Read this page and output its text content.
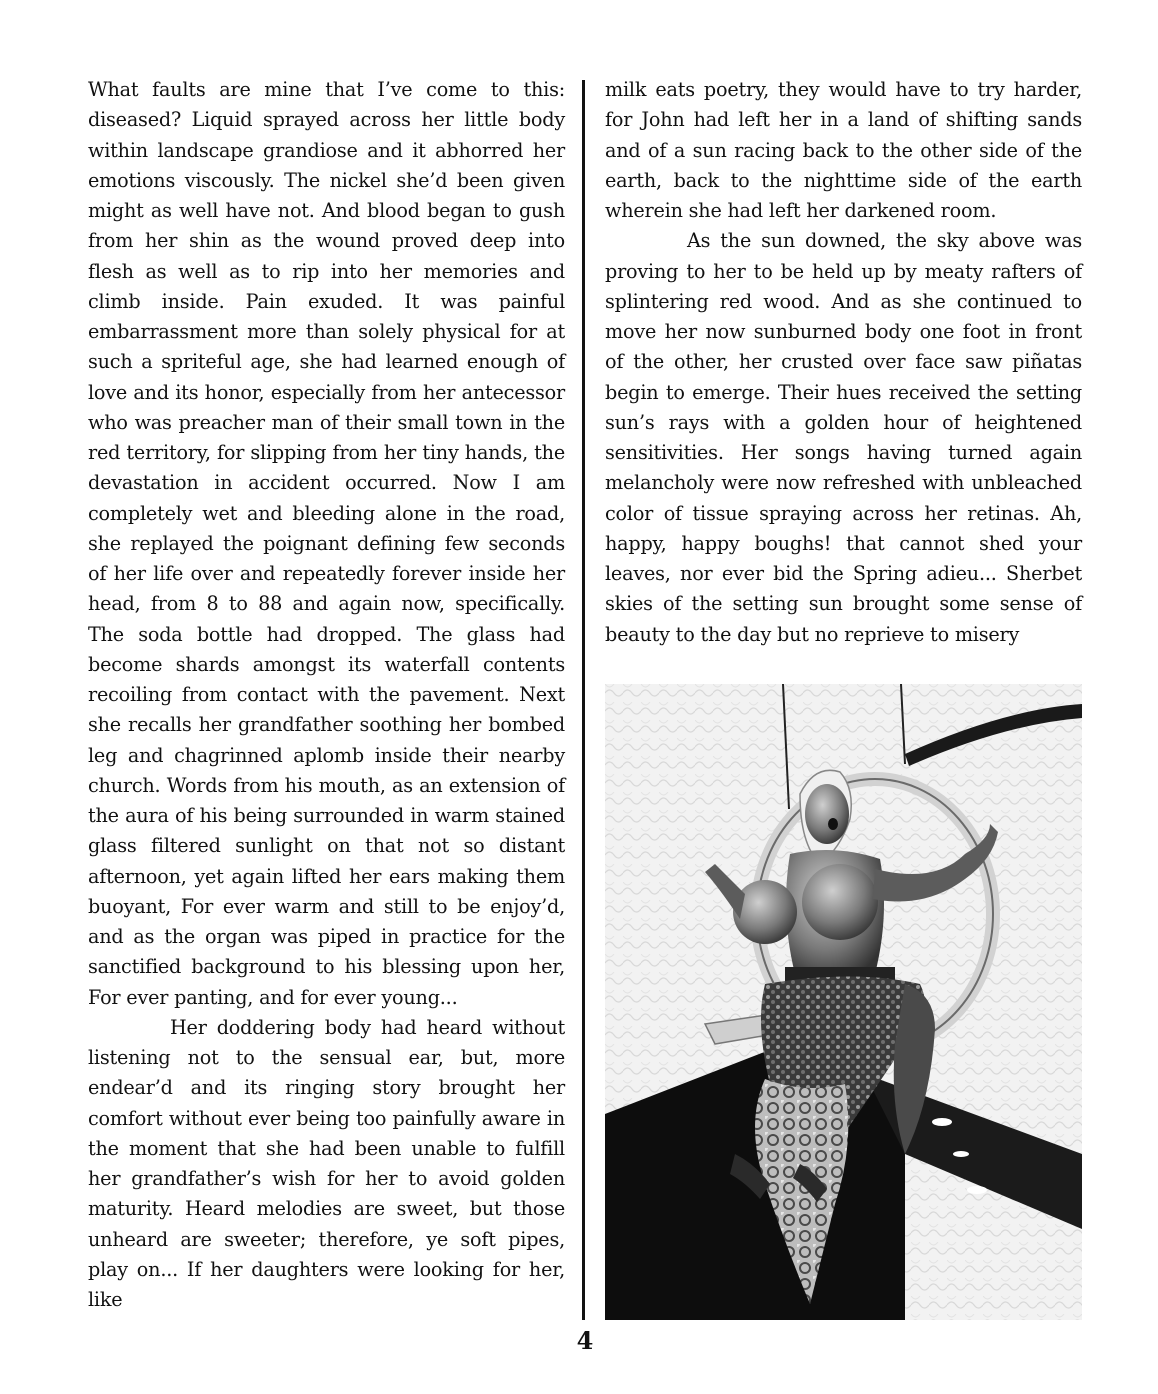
What faults are mine that I’ve come to this: diseased? Liquid sprayed across her little body within landscape grandiose and it abhorred her emotions viscously. The nickel she’d been given might as well have not. And blood began to gush from her shin as the wound proved deep into flesh as well as to rip into her memories and climb inside. Pain exuded. It was painful embarrassment more than solely physical for at such a spriteful age, she had learned enough of love and its honor, especially from her antecessor who was preacher man of their small town in the red territory, for slipping from her tiny hands, the devastation in accident occurred. Now I am completely wet and bleeding alone in the road, she replayed the poignant defining few seconds of her life over and repeatedly forever inside her head, from 8 to 88 and again now, specifically. The soda bottle had dropped. The glass had become shards amongst its waterfall contents recoiling from contact with the pavement. Next she recalls her grandfather soothing her bombed leg and chagrinned aplomb inside their nearby church. Words from his mouth, as an extension of the aura of his being surrounded in warm stained glass filtered sunlight on that not so distant afternoon, yet again lifted her ears making them buoyant, For ever warm and still to be enjoy’d, and as the organ was piped in practice for the sanctified background to his blessing upon her, For ever panting, and for ever young...

Her doddering body had heard without listening not to the sensual ear, but, more endear’d and its ringing story brought her comfort without ever being too painfully aware in the moment that she had been unable to fulfill her grandfather’s wish for her to avoid golden maturity. Heard melodies are sweet, but those unheard are sweeter; therefore, ye soft pipes, play on... If her daughters were looking for her, like

milk eats poetry, they would have to try harder, for John had left her in a land of shifting sands and of a sun racing back to the other side of the earth, back to the nighttime side of the earth wherein she had left her darkened room.

As the sun downed, the sky above was proving to her to be held up by meaty rafters of splintering red wood. And as she continued to move her now sunburned body one foot in front of the other, her crusted over face saw piñatas begin to emerge. Their hues received the setting sun’s rays with a golden hour of heightened sensitivities. Her songs having turned again melancholy were now refreshed with unbleached color of tissue spraying across her retinas. Ah, happy, happy boughs! that cannot shed your leaves, nor ever bid the Spring adieu... Sherbet skies of the setting sun brought some sense of beauty to the day but no reprieve to misery

4
